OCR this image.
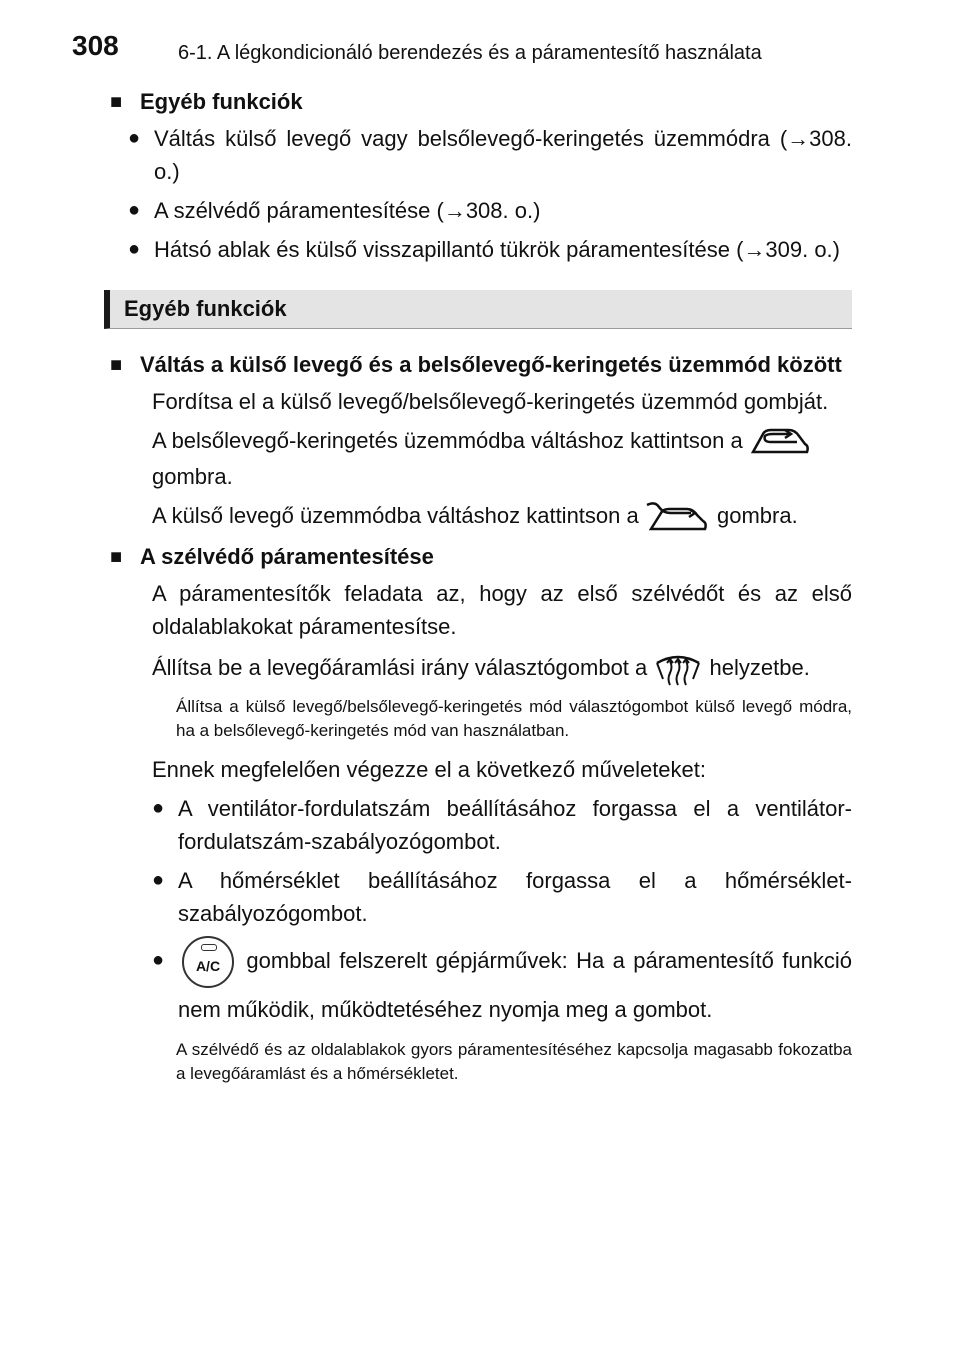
308	6-1. A légkondicionáló berendezés és a páramentesítő használata
■ Egyéb funkciók
● Váltás külső levegő vagy belsőlevegő-keringetés üzemmódra (→308. o.)
● A szélvédő páramentesítése (→308. o.)
● Hátsó ablak és külső visszapillantó tükrök páramentesítése (→309. o.)
Egyéb funkciók
■ Váltás a külső levegő és a belsőlevegő-keringetés üzemmód között
Fordítsa el a külső levegő/belsőlevegő-keringetés üzemmód gombját.
A belsőlevegő-keringetés üzemmódba váltáshoz kattintson a
gombra.
A külső levegő üzemmódba váltáshoz kattintson a	gombra.
■ A szélvédő páramentesítése
A páramentesítők feladata az, hogy az első szélvédőt és az első oldalablakokat páramentesítse.
Állítsa be a levegőáramlási irány választógombot a	helyzetbe.
Állítsa a külső levegő/belsőlevegő-keringetés mód választógombot külső levegő módra, ha a belsőlevegő-keringetés mód van használatban.
Ennek megfelelően végezze el a következő műveleteket:
● A ventilátor-fordulatszám beállításához forgassa el a ventilátor-fordulatszám-szabályozógombot.
● A hőmérséklet beállításához forgassa el a hőmérséklet-szabályozógombot.
●	A/C gombbal felszerelt gépjárművek: Ha a páramentesítő funkció nem működik, működtetéséhez nyomja meg a gombot.
A szélvédő és az oldalablakok gyors páramentesítéséhez kapcsolja magasabb fokozatba a levegőáramlást és a hőmérsékletet.
